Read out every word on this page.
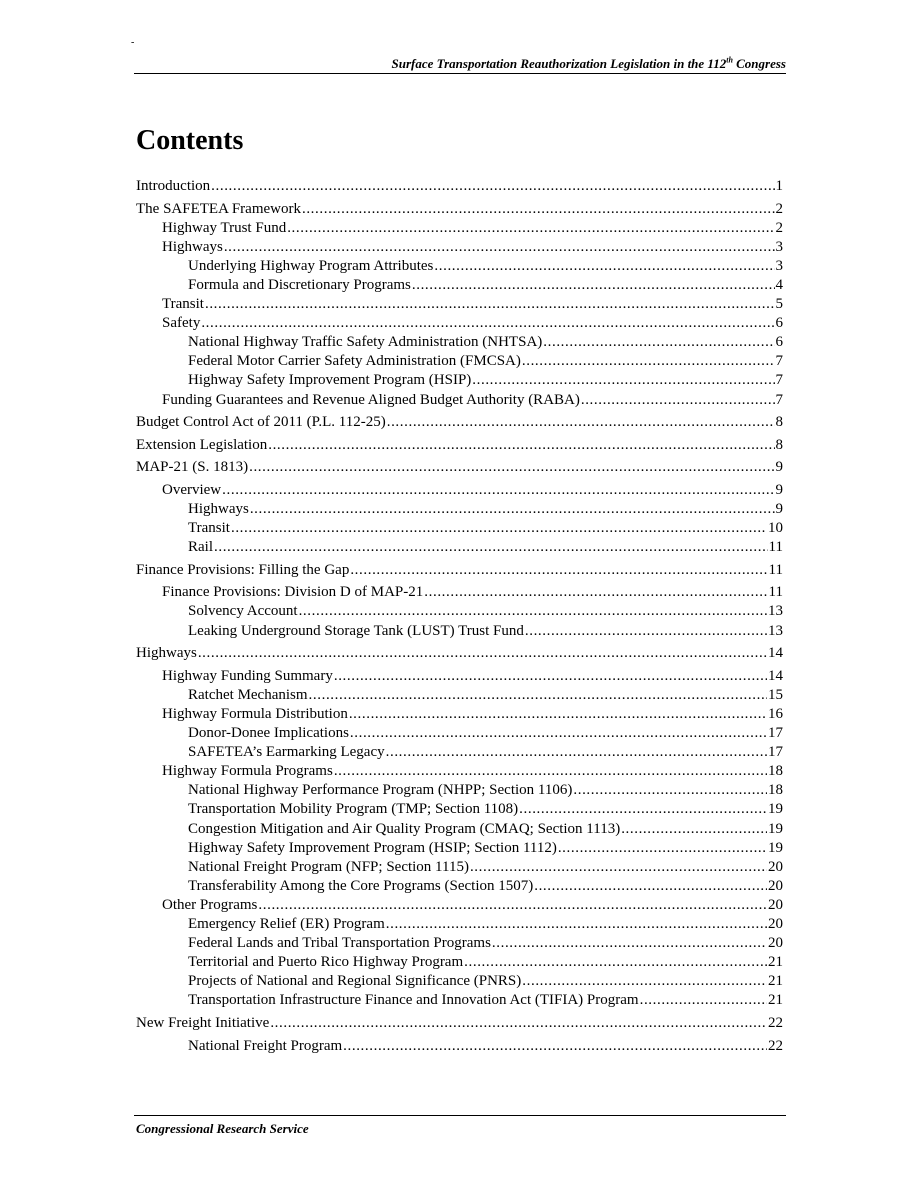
-
Surface Transportation Reauthorization Legislation in the 112th Congress
Contents
Introduction .....	1
The SAFETEA Framework .....	2
Highway Trust Fund .....	2
Highways .....	3
Underlying Highway Program Attributes .....	3
Formula and Discretionary Programs .....	4
Transit .....	5
Safety .....	6
National Highway Traffic Safety Administration (NHTSA) .....	6
Federal Motor Carrier Safety Administration (FMCSA) .....	7
Highway Safety Improvement Program (HSIP) .....	7
Funding Guarantees and Revenue Aligned Budget Authority (RABA) .....	7
Budget Control Act of 2011 (P.L. 112-25) .....	8
Extension Legislation .....	8
MAP-21 (S. 1813) .....	9
Overview .....	9
Highways .....	9
Transit .....	10
Rail .....	11
Finance Provisions: Filling the Gap .....	11
Finance Provisions: Division D of MAP-21 .....	11
Solvency Account .....	13
Leaking Underground Storage Tank (LUST) Trust Fund .....	13
Highways .....	14
Highway Funding Summary .....	14
Ratchet Mechanism .....	15
Highway Formula Distribution .....	16
Donor-Donee Implications .....	17
SAFETEA’s Earmarking Legacy .....	17
Highway Formula Programs .....	18
National Highway Performance Program (NHPP; Section 1106) .....	18
Transportation Mobility Program (TMP; Section 1108) .....	19
Congestion Mitigation and Air Quality Program (CMAQ; Section 1113) .....	19
Highway Safety Improvement Program (HSIP; Section 1112) .....	19
National Freight Program (NFP; Section 1115) .....	20
Transferability Among the Core Programs (Section 1507) .....	20
Other Programs .....	20
Emergency Relief (ER) Program .....	20
Federal Lands and Tribal Transportation Programs .....	20
Territorial and Puerto Rico Highway Program .....	21
Projects of National and Regional Significance (PNRS) .....	21
Transportation Infrastructure Finance and Innovation Act (TIFIA) Program .....	21
New Freight Initiative .....	22
National Freight Program .....	22
Congressional Research Service
